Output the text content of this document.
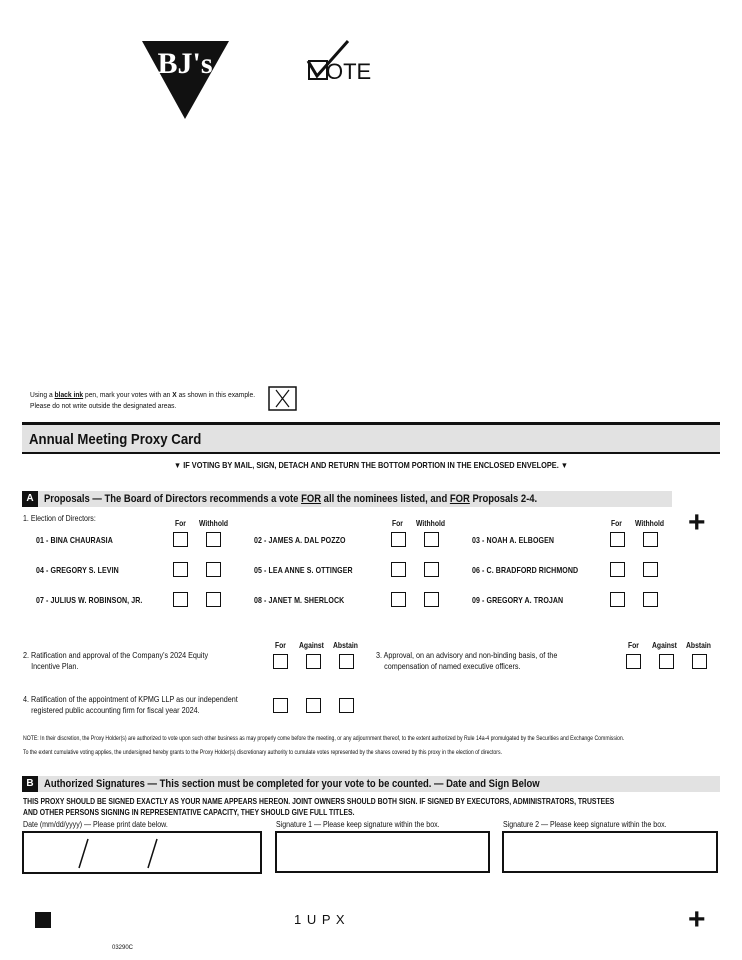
BJ's
®
OTE
Using a black ink pen, mark your votes with an X as shown in this example.
Please do not write outside the designated areas.
Annual Meeting Proxy Card
▼ IF VOTING BY MAIL, SIGN, DETACH AND RETURN THE BOTTOM PORTION IN THE ENCLOSED ENVELOPE. ▼
A Proposals — The Board of Directors recommends a vote FOR all the nominees listed, and FOR Proposals 2-4.
1. Election of Directors:
For Withhold	For Withhold	For Withhold +
01 - BINA CHAURASIA	02 - JAMES A. DAL POZZO	03 - NOAH A. ELBOGEN
04 - GREGORY S. LEVIN	05 - LEA ANNE S. OTTINGER	06 - C. BRADFORD RICHMOND
07 - JULIUS W. ROBINSON, JR.	08 - JANET M. SHERLOCK	09 - GREGORY A. TROJAN
For Against Abstain	For Against Abstain
2. Ratification and approval of the Company's 2024 Equity
Incentive Plan.
3. Approval, on an advisory and non-binding basis, of the
compensation of named executive officers.
4. Ratification of the appointment of KPMG LLP as our independent
registered public accounting firm for fiscal year 2024.
NOTE: In their discretion, the Proxy Holder(s) are authorized to vote upon such other business as may properly come before the meeting, or any adjournment thereof, to the extent authorized by Rule 14a-4 promulgated by the Securities and Exchange Commission.
To the extent cumulative voting applies, the undersigned hereby grants to the Proxy Holder(s) discretionary authority to cumulate votes represented by the shares covered by this proxy in the election of directors.
B Authorized Signatures — This section must be completed for your vote to be counted. — Date and Sign Below
THIS PROXY SHOULD BE SIGNED EXACTLY AS YOUR NAME APPEARS HEREON. JOINT OWNERS SHOULD BOTH SIGN. IF SIGNED BY EXECUTORS, ADMINISTRATORS, TRUSTEES
AND OTHER PERSONS SIGNING IN REPRESENTATIVE CAPACITY, THEY SHOULD GIVE FULL TITLES.
Date (mm/dd/yyyy) — Please print date below.	Signature 1 — Please keep signature within the box.	Signature 2 — Please keep signature within the box.
1 U P X	+
03290C
